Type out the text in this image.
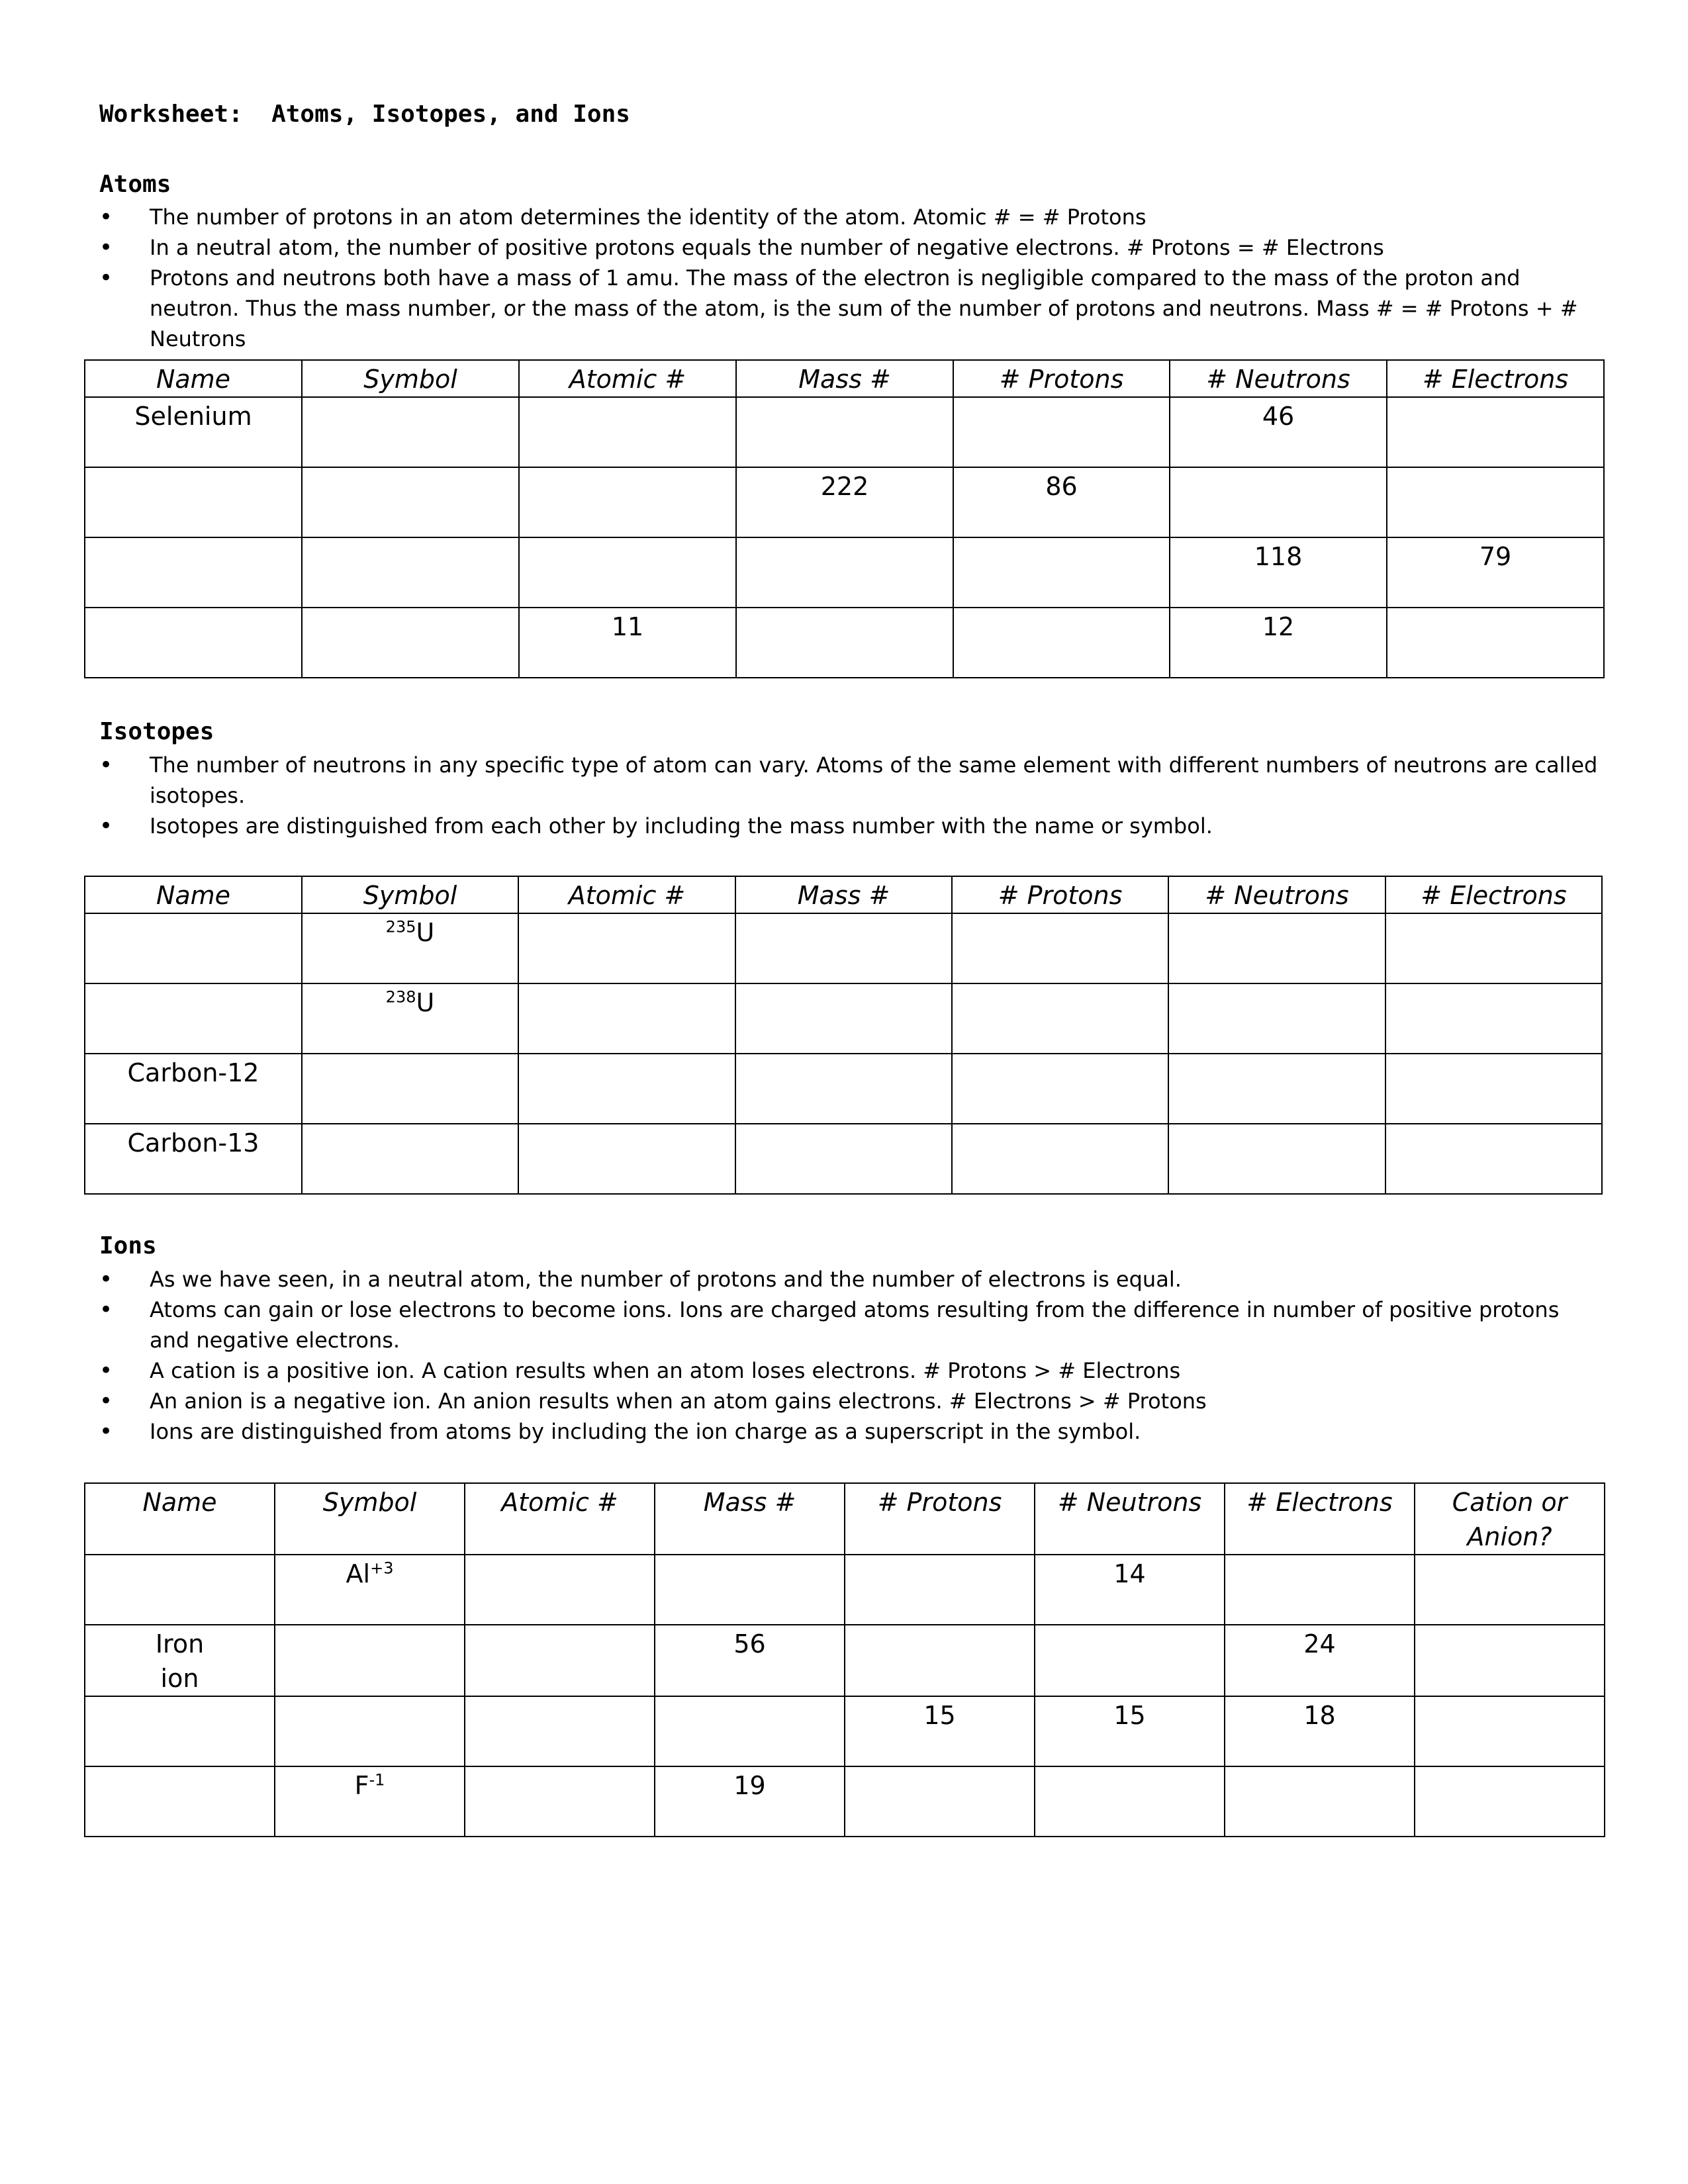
Worksheet:  Atoms, Isotopes, and Ions
Atoms
• The number of protons in an atom determines the identity of the atom. Atomic # = # Protons
• In a neutral atom, the number of positive protons equals the number of negative electrons. # Protons = # Electrons
• Protons and neutrons both have a mass of 1 amu. The mass of the electron is negligible compared to the mass of the proton and neutron. Thus the mass number, or the mass of the atom, is the sum of the number of protons and neutrons. Mass # = # Protons + # Neutrons
Name	Symbol	Atomic #	Mass #	# Protons	# Neutrons	# Electrons
Selenium					46	
			222	86		
					118	79
		11			12	
Isotopes
• The number of neutrons in any specific type of atom can vary. Atoms of the same element with different numbers of neutrons are called isotopes.
• Isotopes are distinguished from each other by including the mass number with the name or symbol.
Name	Symbol	Atomic #	Mass #	# Protons	# Neutrons	# Electrons
	$^{235}$U					
	$^{238}$U					
Carbon-12						
Carbon-13						
Ions
• As we have seen, in a neutral atom, the number of protons and the number of electrons is equal.
• Atoms can gain or lose electrons to become ions. Ions are charged atoms resulting from the difference in number of positive protons and negative electrons.
• A cation is a positive ion. A cation results when an atom loses electrons. # Protons > # Electrons
• An anion is a negative ion. An anion results when an atom gains electrons. # Electrons > # Protons
• Ions are distinguished from atoms by including the ion charge as a superscript in the symbol.
Name	Symbol	Atomic #	Mass #	# Protons	# Neutrons	# Electrons	Cation or Anion?

	$Al^{+3}$				14		

Iron
ion			56			24	

				15	15	18	

	$F^{-1}$		19				
